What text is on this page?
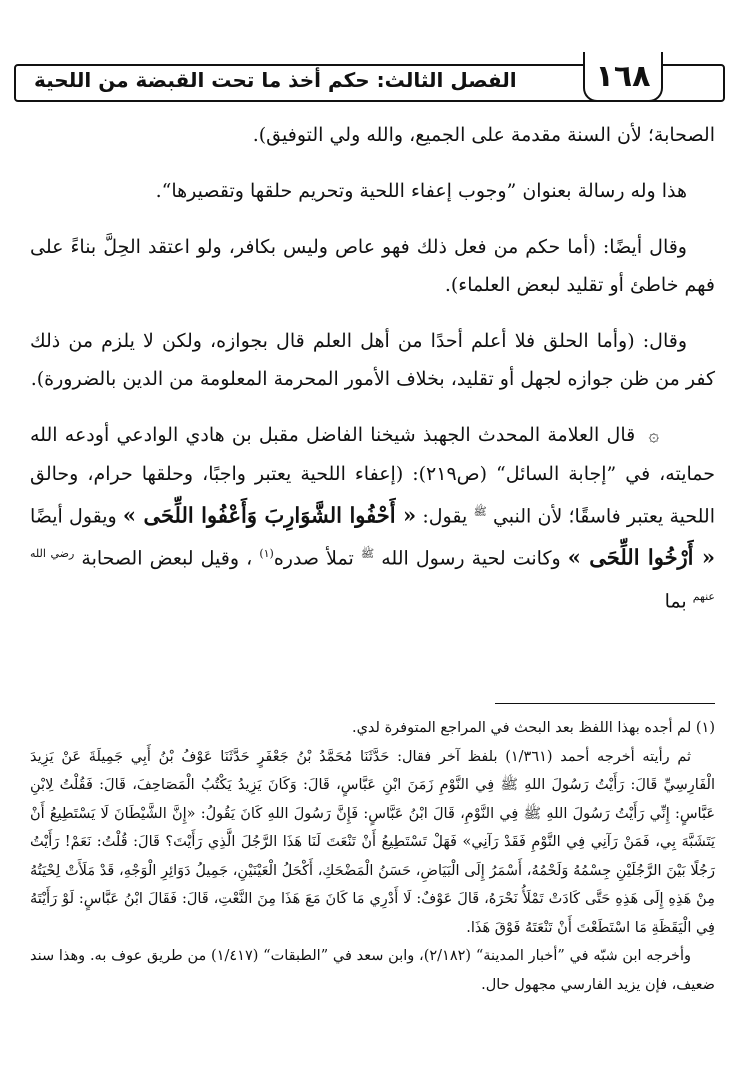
الفصل الثالث: حكم أخذ ما تحت القبضة من اللحية	١٦٨

الصحابة؛ لأن السنة مقدمة على الجميع، والله ولي التوفيق).

هذا وله رسالة بعنوان ”وجوب إعفاء اللحية وتحريم حلقها وتقصيرها“.

وقال أيضًا: (أما حكم من فعل ذلك فهو عاص وليس بكافر، ولو اعتقد الحِلَّ بناءً على فهم خاطئ أو تقليد لبعض العلماء).

وقال: (وأما الحلق فلا أعلم أحدًا من أهل العلم قال بجوازه، ولكن لا يلزم من ذلك كفر من ظن جوازه لجهل أو تقليد، بخلاف الأمور المحرمة المعلومة من الدين بالضرورة).

۞ قال العلامة المحدث الجهبذ شيخنا الفاضل مقبل بن هادي الوادعي أودعه الله حمايته، في ”إجابة السائل“ (ص٢١٩): (إعفاء اللحية يعتبر واجبًا، وحلقها حرام، وحالق اللحية يعتبر فاسقًا؛ لأن النبي $^ﷺ$ يقول: « أَحْفُوا الشَّوَارِبَ وَأَعْفُوا اللِّحَى » ويقول أيضًا « أَرْخُوا اللِّحَى » وكانت لحية رسول الله $^ﷺ$ تملأ صدره$^{(١)}$ ، وقيل لبعض الصحابة $^{رضي الله عنهم}$ بما

(١) لم أجده بهذا اللفظ بعد البحث في المراجع المتوفرة لدي.

ثم رأيته أخرجه أحمد (١/٣٦١) بلفظ آخر فقال: حَدَّثَنَا مُحَمَّدُ بْنُ جَعْفَرٍ حَدَّثَنَا عَوْفُ بْنُ أَبِي جَمِيلَةَ عَنْ يَزِيدَ الْفَارِسِيِّ قَالَ: رَأَيْتُ رَسُولَ اللهِ ﷺ فِي النَّوْمِ زَمَنَ ابْنِ عَبَّاسٍ، قَالَ: وَكَانَ يَزِيدُ يَكْتُبُ الْمَصَاحِفَ، قَالَ: فَقُلْتُ لِابْنِ عَبَّاسٍ: إِنِّي رَأَيْتُ رَسُولَ اللهِ ﷺ فِي النَّوْمِ، قَالَ ابْنُ عَبَّاسٍ: فَإِنَّ رَسُولَ اللهِ كَانَ يَقُولُ: «إِنَّ الشَّيْطَانَ لَا يَسْتَطِيعُ أَنْ يَتَشَبَّهَ بِي، فَمَنْ رَآنِي فِي النَّوْمِ فَقَدْ رَآنِي» فَهَلْ تَسْتَطِيعُ أَنْ تَنْعَتَ لَنَا هَذَا الرَّجُلَ الَّذِي رَأَيْتَ؟ قَالَ: قُلْتُ: نَعَمْ! رَأَيْتُ رَجُلًا بَيْنَ الرَّجُلَيْنِ جِسْمُهُ وَلَحْمُهُ، أَسْمَرُ إِلَى الْبَيَاضِ، حَسَنُ الْمَضْحَكِ، أَكْحَلُ الْعَيْنَيْنِ، جَمِيلُ دَوَائِرِ الْوَجْهِ، قَدْ مَلَأَتْ لِحْيَتُهُ مِنْ هَذِهِ إِلَى هَذِهِ حَتَّى كَادَتْ تَمْلَأُ نَحْرَهُ، قَالَ عَوْفٌ: لَا أَدْرِي مَا كَانَ مَعَ هَذَا مِنَ النَّعْتِ، قَالَ: فَقَالَ ابْنُ عَبَّاسٍ: لَوْ رَأَيْتَهُ فِي الْيَقَظَةِ مَا اسْتَطَعْتَ أَنْ تَنْعَتَهُ فَوْقَ هَذَا.

وأخرجه ابن شبّه في ”أخبار المدينة“ (٢/١٨٢)، وابن سعد في ”الطبقات“ (١/٤١٧) من طريق عوف به. وهذا سند ضعيف، فإن يزيد الفارسي مجهول حال.
